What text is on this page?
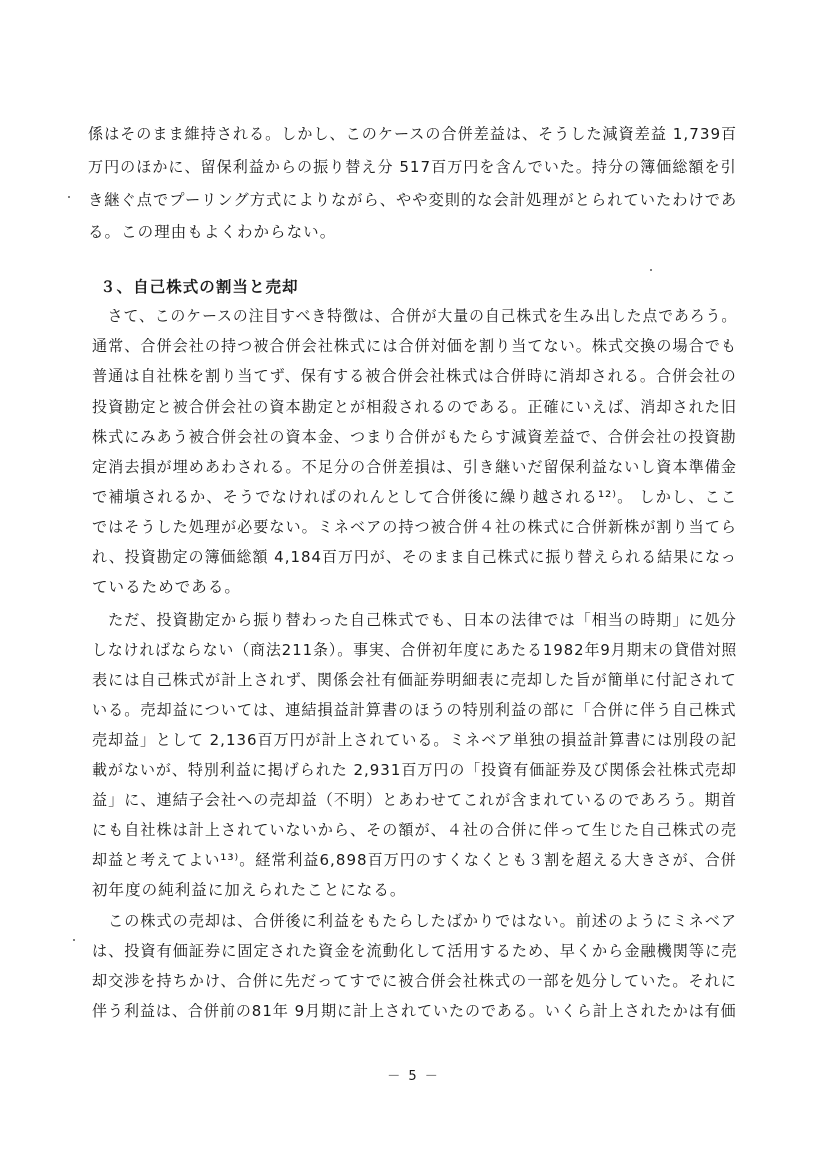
係はそのまま維持される。しかし、このケースの合併差益は、そうした減資差益 1,739百
万円のほかに、留保利益からの振り替え分 517百万円を含んでいた。持分の簿価総額を引
き継ぐ点でプーリング方式によりながら、やや変則的な会計処理がとられていたわけであ
る。この理由もよくわからない。
３、自己株式の割当と売却
　さて、このケースの注目すべき特徴は、合併が大量の自己株式を生み出した点であろう。
通常、合併会社の持つ被合併会社株式には合併対価を割り当てない。株式交換の場合でも
普通は自社株を割り当てず、保有する被合併会社株式は合併時に消却される。合併会社の
投資勘定と被合併会社の資本勘定とが相殺されるのである。正確にいえば、消却された旧
株式にみあう被合併会社の資本金、つまり合併がもたらす減資差益で、合併会社の投資勘
定消去損が埋めあわされる。不足分の合併差損は、引き継いだ留保利益ないし資本準備金
で補塡されるか、そうでなければのれんとして合併後に繰り越される¹²⁾。 しかし、ここ
ではそうした処理が必要ない。ミネベアの持つ被合併４社の株式に合併新株が割り当てら
れ、投資勘定の簿価総額 4,184百万円が、そのまま自己株式に振り替えられる結果になっ
ているためである。
　ただ、投資勘定から振り替わった自己株式でも、日本の法律では「相当の時期」に処分
しなければならない（商法211条）。事実、合併初年度にあたる1982年9月期末の貸借対照
表には自己株式が計上されず、関係会社有価証券明細表に売却した旨が簡単に付記されて
いる。売却益については、連結損益計算書のほうの特別利益の部に「合併に伴う自己株式
売却益」として 2,136百万円が計上されている。ミネベア単独の損益計算書には別段の記
載がないが、特別利益に掲げられた 2,931百万円の「投資有価証券及び関係会社株式売却
益」に、連結子会社への売却益（不明）とあわせてこれが含まれているのであろう。期首
にも自社株は計上されていないから、その額が、４社の合併に伴って生じた自己株式の売
却益と考えてよい¹³⁾。経常利益6,898百万円のすくなくとも３割を超える大きさが、合併
初年度の純利益に加えられたことになる。
　この株式の売却は、合併後に利益をもたらしたばかりではない。前述のようにミネベア
は、投資有価証券に固定された資金を流動化して活用するため、早くから金融機関等に売
却交渉を持ちかけ、合併に先だってすでに被合併会社株式の一部を処分していた。それに
伴う利益は、合併前の81年 9月期に計上されていたのである。いくら計上されたかは有価
－ 5 －
